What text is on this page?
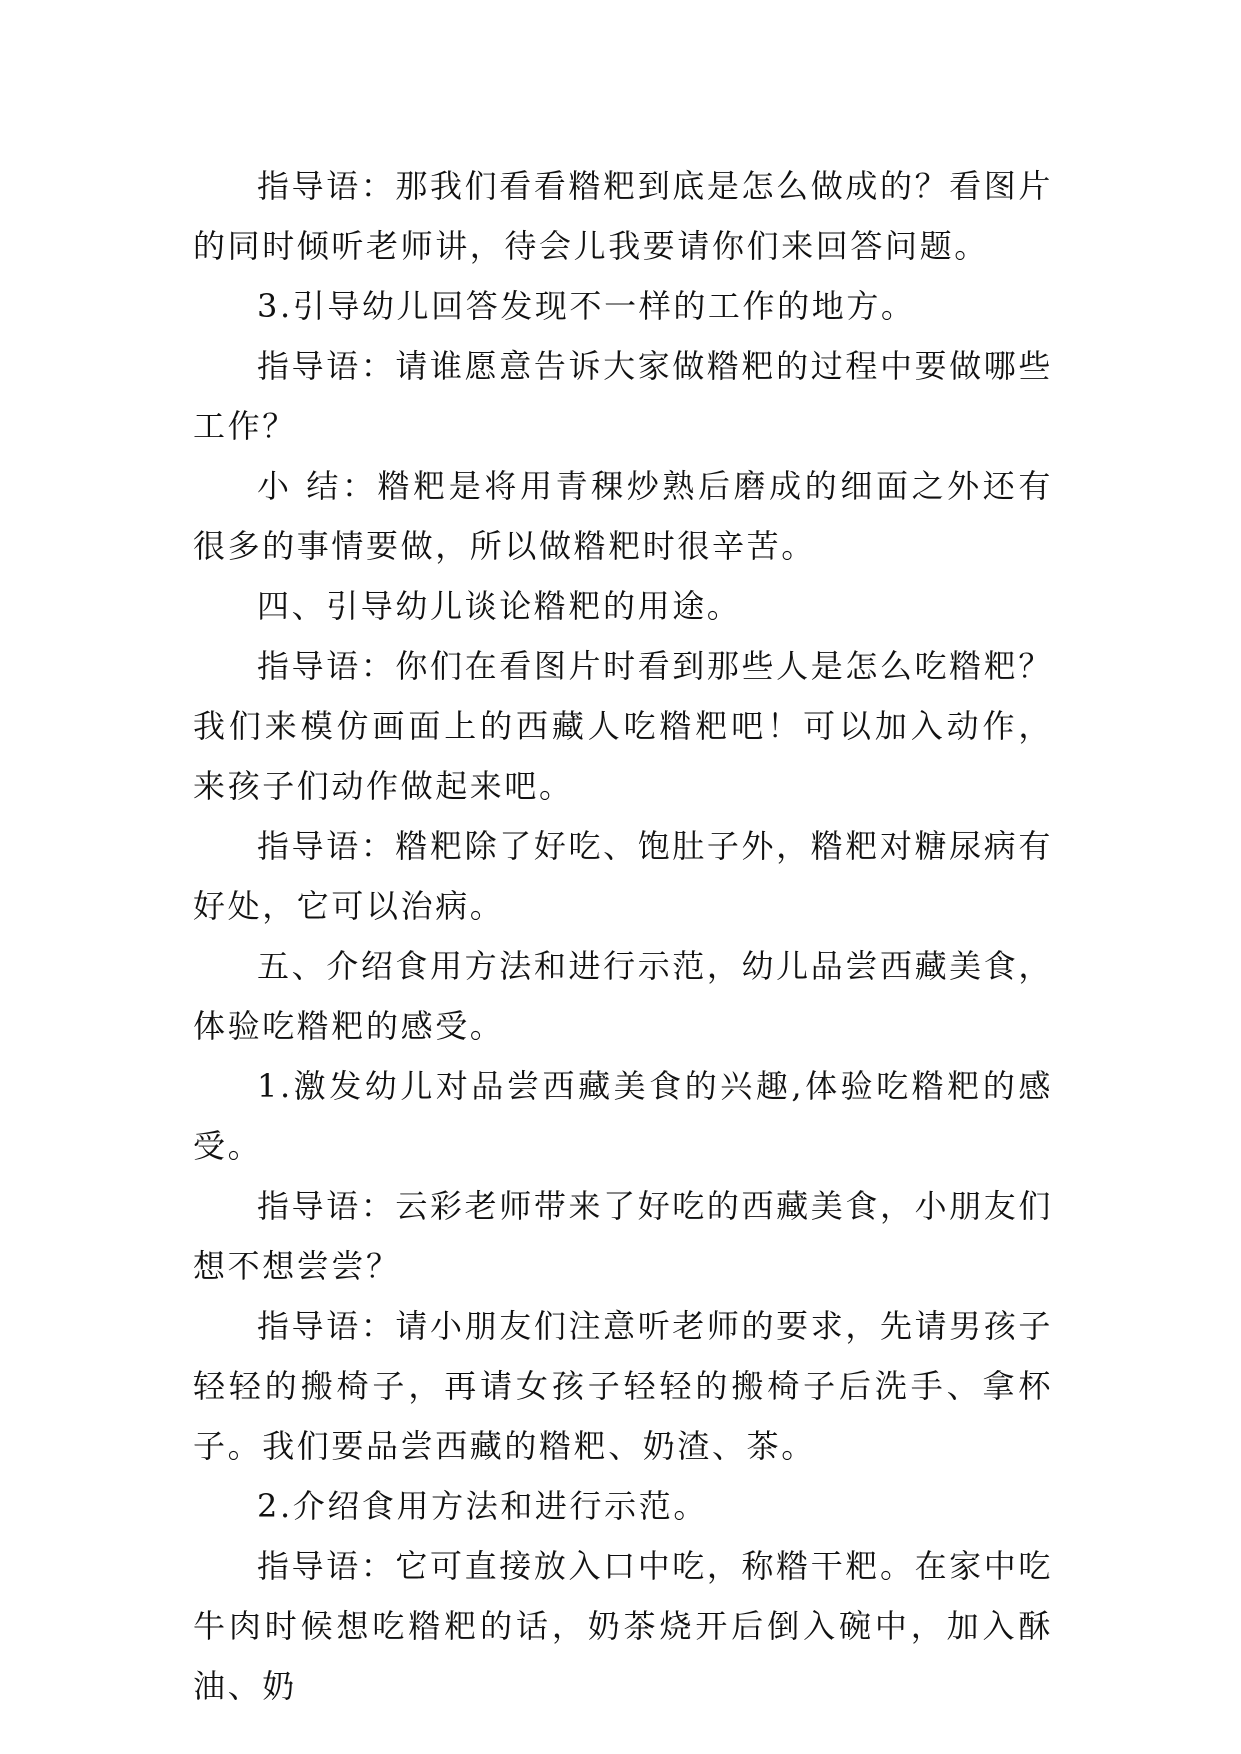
指导语：那我们看看糌粑到底是怎么做成的？看图片的同时倾听老师讲，待会儿我要请你们来回答问题。

3.引导幼儿回答发现不一样的工作的地方。

指导语：请谁愿意告诉大家做糌粑的过程中要做哪些工作？

小 结：糌粑是将用青稞炒熟后磨成的细面之外还有很多的事情要做，所以做糌粑时很辛苦。

四、引导幼儿谈论糌粑的用途。

指导语：你们在看图片时看到那些人是怎么吃糌粑？我们来模仿画面上的西藏人吃糌粑吧！可以加入动作，来孩子们动作做起来吧。

指导语：糌粑除了好吃、饱肚子外，糌粑对糖尿病有好处，它可以治病。

五、介绍食用方法和进行示范，幼儿品尝西藏美食，体验吃糌粑的感受。

1.激发幼儿对品尝西藏美食的兴趣,体验吃糌粑的感受。

指导语：云彩老师带来了好吃的西藏美食，小朋友们想不想尝尝？

指导语：请小朋友们注意听老师的要求，先请男孩子轻轻的搬椅子，再请女孩子轻轻的搬椅子后洗手、拿杯子。我们要品尝西藏的糌粑、奶渣、茶。

2.介绍食用方法和进行示范。

指导语：它可直接放入口中吃，称糌干粑。在家中吃牛肉时候想吃糌粑的话，奶茶烧开后倒入碗中，加入酥油、奶
